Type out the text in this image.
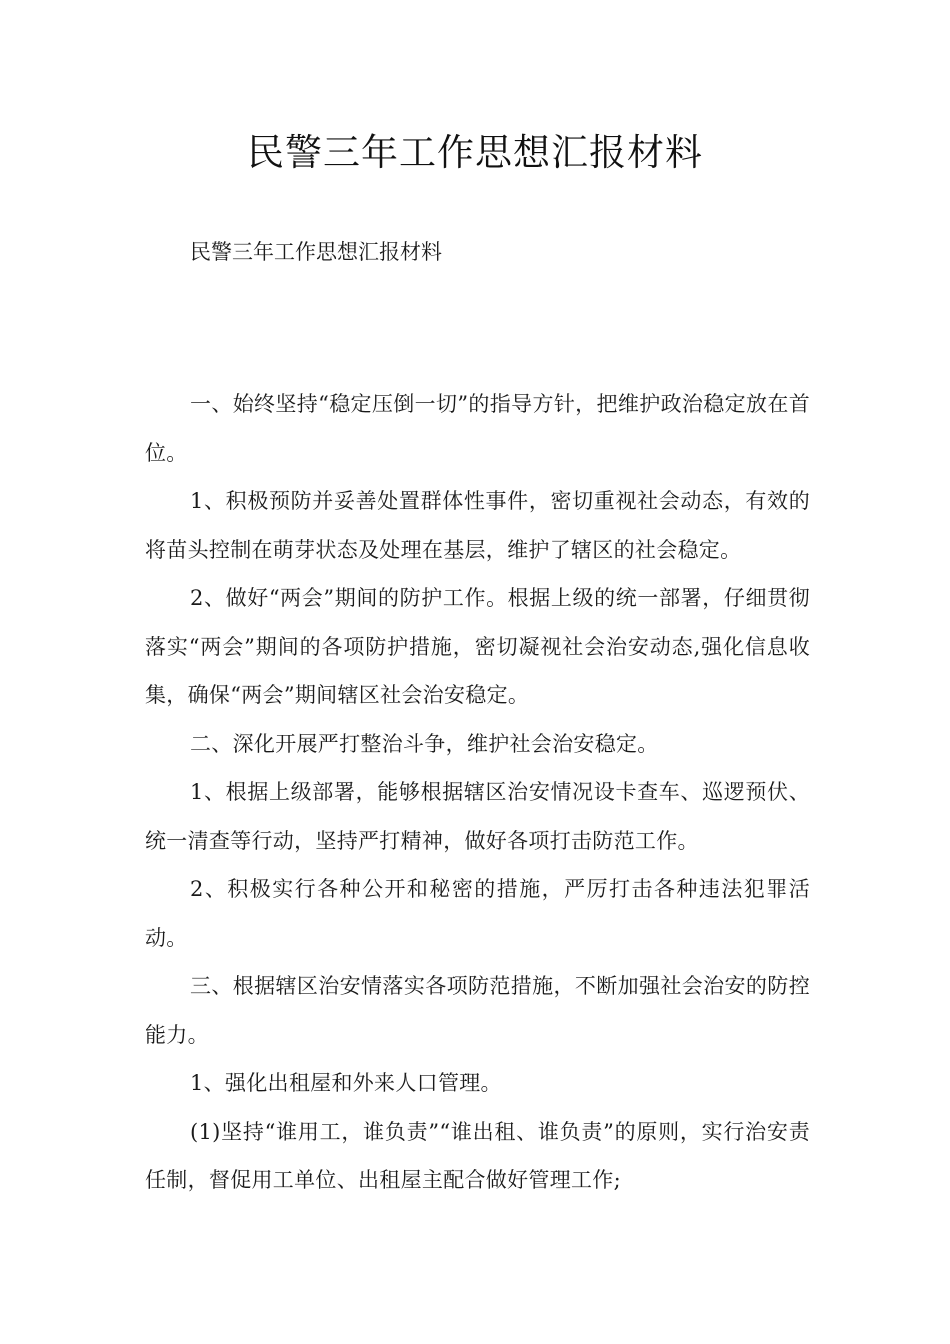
民警三年工作思想汇报材料
民警三年工作思想汇报材料

一、始终坚持“稳定压倒一切”的指导方针，把维护政治稳定放在首位。

1、积极预防并妥善处置群体性事件，密切重视社会动态，有效的将苗头控制在萌芽状态及处理在基层，维护了辖区的社会稳定。

2、做好“两会”期间的防护工作。根据上级的统一部署，仔细贯彻落实“两会”期间的各项防护措施，密切凝视社会治安动态,强化信息收集，确保“两会”期间辖区社会治安稳定。

二、深化开展严打整治斗争，维护社会治安稳定。

1、根据上级部署，能够根据辖区治安情况设卡查车、巡逻预伏、统一清查等行动，坚持严打精神，做好各项打击防范工作。

2、积极实行各种公开和秘密的措施，严厉打击各种违法犯罪活动。

三、根据辖区治安情落实各项防范措施，不断加强社会治安的防控能力。

1、强化出租屋和外来人口管理。

(1)坚持“谁用工，谁负责”“谁出租、谁负责”的原则，实行治安责任制，督促用工单位、出租屋主配合做好管理工作;
